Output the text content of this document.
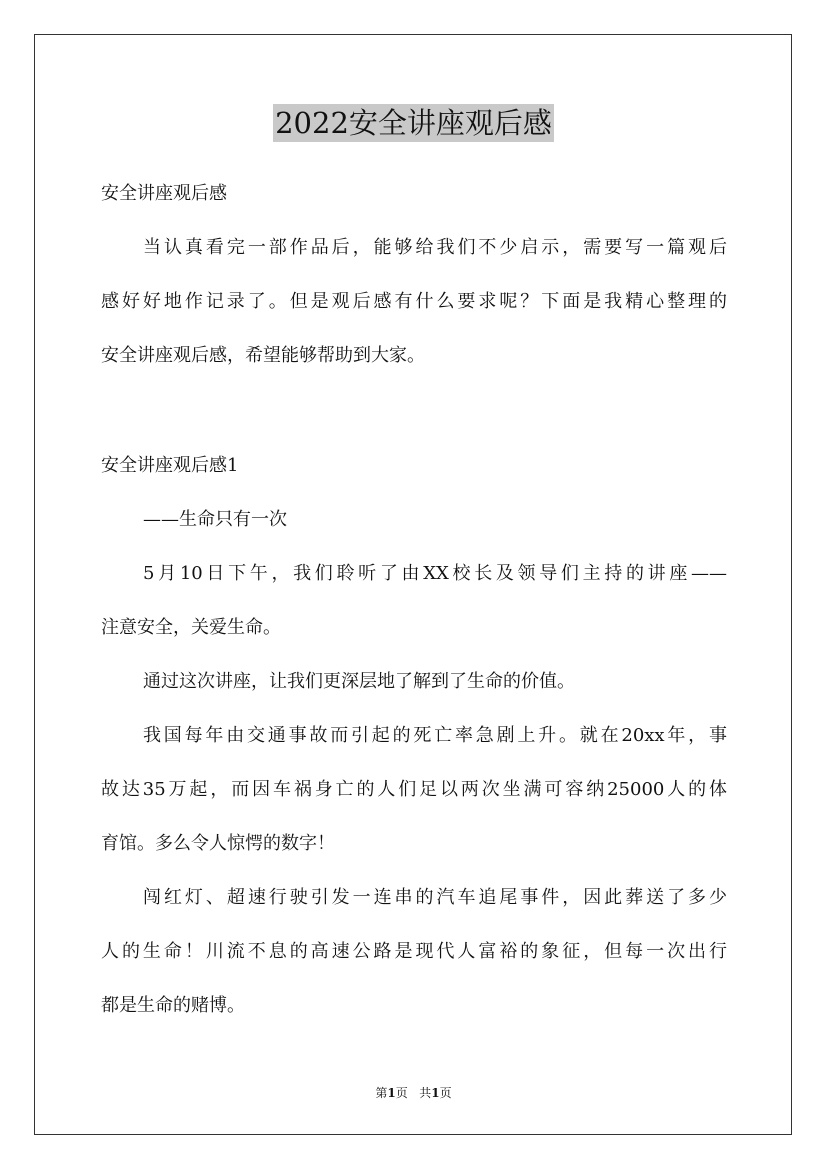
2022安全讲座观后感
安全讲座观后感
当认真看完一部作品后，能够给我们不少启示，需要写一篇观后
感好好地作记录了。但是观后感有什么要求呢？下面是我精心整理的
安全讲座观后感，希望能够帮助到大家。
安全讲座观后感1
——生命只有一次
5月10日下午，我们聆听了由XX校长及领导们主持的讲座——
注意安全，关爱生命。
通过这次讲座，让我们更深层地了解到了生命的价值。
我国每年由交通事故而引起的死亡率急剧上升。就在20xx年，事
故达35万起，而因车祸身亡的人们足以两次坐满可容纳25000人的体
育馆。多么令人惊愕的数字！
闯红灯、超速行驶引发一连串的汽车追尾事件，因此葬送了多少
人的生命！川流不息的高速公路是现代人富裕的象征，但每一次出行
都是生命的赌博。
第1页 共1页
